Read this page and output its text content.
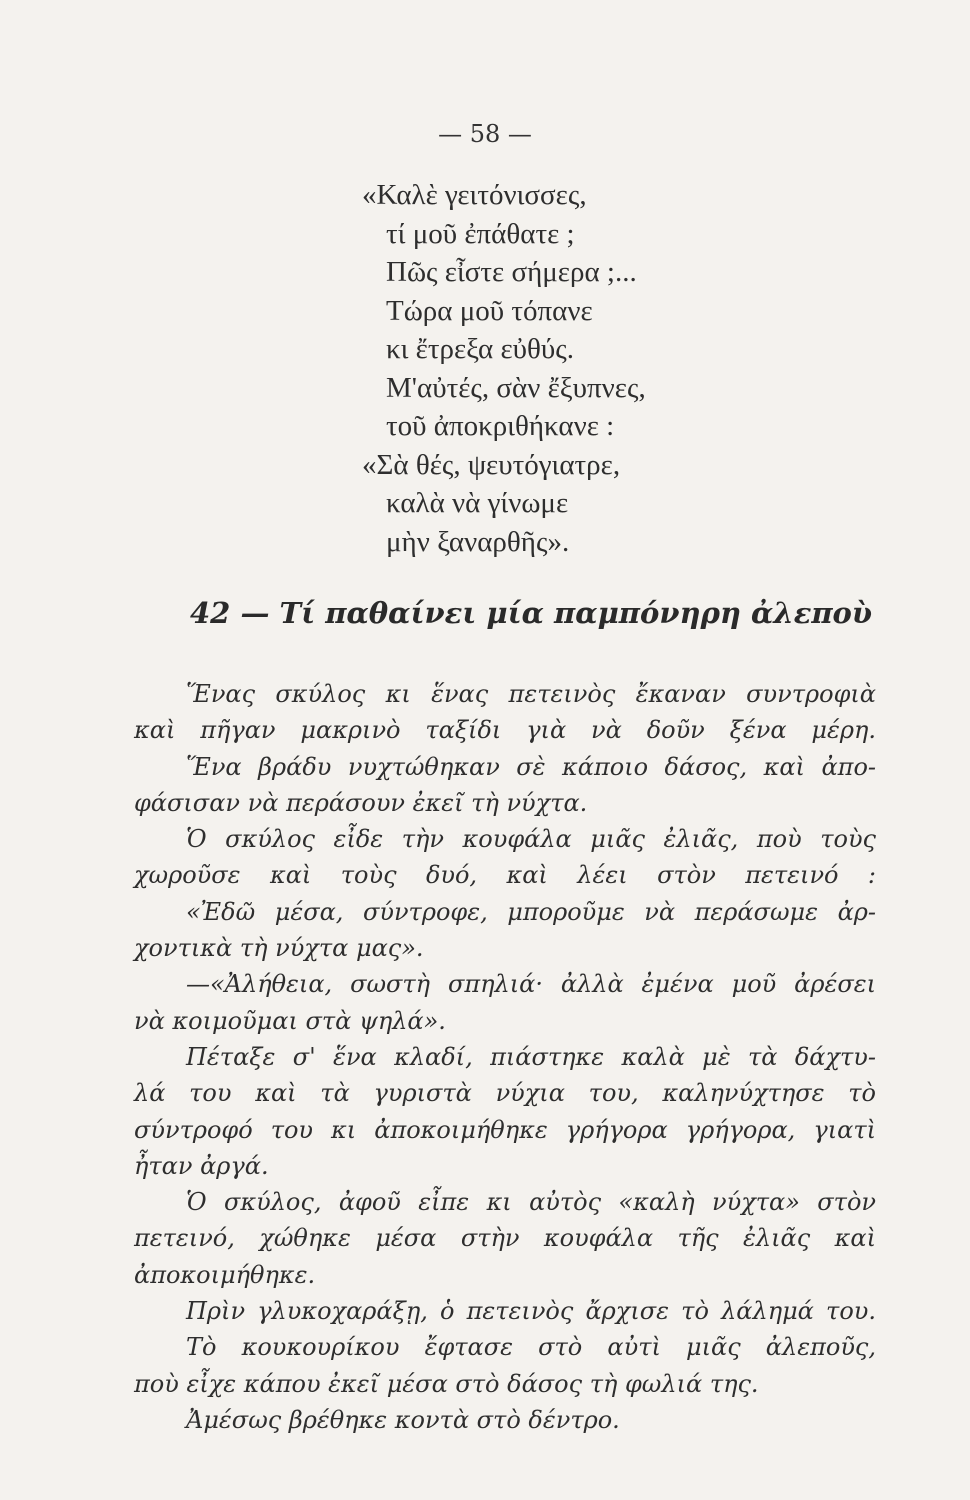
— 58 —
«Καλὲ γειτόνισσες,
τί μοῦ ἐπάθατε ;
Πῶς εἶστε σήμερα ;...
Τώρα μοῦ τόπανε
κι ἔτρεξα εὐθύς.
Μ'αὐτές, σὰν ἔξυπνες,
τοῦ ἀποκριθήκανε :
«Σὰ θές, ψευτόγιατρε,
καλὰ νὰ γίνωμε
μὴν ξαναρθῆς».
42 — Τί παθαίνει μία παμπόνηρη ἀλεποὺ
Ἕνας σκύλος κι ἕνας πετεινὸς ἔκαναν συντροφιὰ
καὶ πῆγαν μακρινὸ ταξίδι γιὰ νὰ δοῦν ξένα μέρη.
Ἕνα βράδυ νυχτώθηκαν σὲ κάποιο δάσος, καὶ ἀπο-
φάσισαν νὰ περάσουν ἐκεῖ τὴ νύχτα.
Ὁ σκύλος εἶδε τὴν κουφάλα μιᾶς ἐλιᾶς, ποὺ τοὺς
χωροῦσε καὶ τοὺς δυό, καὶ λέει στὸν πετεινό :
«Ἐδῶ μέσα, σύντροφε, μποροῦμε νὰ περάσωμε ἀρ-
χοντικὰ τὴ νύχτα μας».
—«Ἀλήθεια, σωστὴ σπηλιά· ἀλλὰ ἐμένα μοῦ ἀρέσει
νὰ κοιμοῦμαι στὰ ψηλά».
Πέταξε σ' ἕνα κλαδί, πιάστηκε καλὰ μὲ τὰ δάχτυ-
λά του καὶ τὰ γυριστὰ νύχια του, καληνύχτησε τὸ
σύντροφό του κι ἀποκοιμήθηκε γρήγορα γρήγορα, γιατὶ
ἦταν ἀργά.
Ὁ σκύλος, ἀφοῦ εἶπε κι αὐτὸς «καλὴ νύχτα» στὸν
πετεινό, χώθηκε μέσα στὴν κουφάλα τῆς ἐλιᾶς καὶ
ἀποκοιμήθηκε.
Πρὶν γλυκοχαράξῃ, ὁ πετεινὸς ἄρχισε τὸ λάλημά του.
Τὸ κουκουρίκου ἔφτασε στὸ αὐτὶ μιᾶς ἀλεποῦς,
ποὺ εἶχε κάπου ἐκεῖ μέσα στὸ δάσος τὴ φωλιά της.
Ἀμέσως βρέθηκε κοντὰ στὸ δέντρο.
